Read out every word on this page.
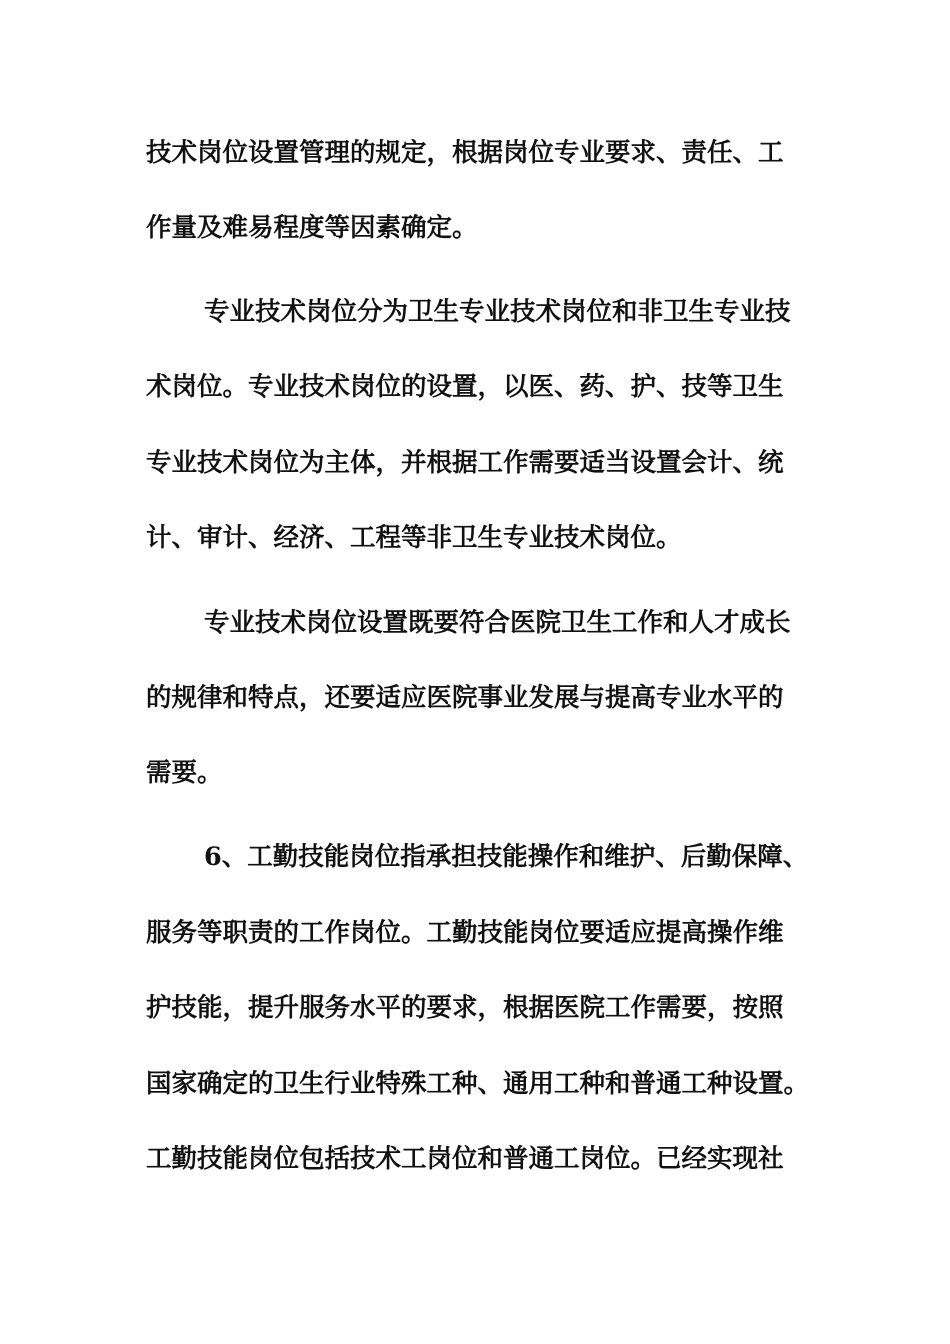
技术岗位设置管理的规定，根据岗位专业要求、责任、工
作量及难易程度等因素确定。
专业技术岗位分为卫生专业技术岗位和非卫生专业技
术岗位。专业技术岗位的设置，以医、药、护、技等卫生
专业技术岗位为主体，并根据工作需要适当设置会计、统
计、审计、经济、工程等非卫生专业技术岗位。
专业技术岗位设置既要符合医院卫生工作和人才成长
的规律和特点，还要适应医院事业发展与提高专业水平的
需要。
6、工勤技能岗位指承担技能操作和维护、后勤保障、
服务等职责的工作岗位。工勤技能岗位要适应提高操作维
护技能，提升服务水平的要求，根据医院工作需要，按照
国家确定的卫生行业特殊工种、通用工种和普通工种设置。
工勤技能岗位包括技术工岗位和普通工岗位。已经实现社
